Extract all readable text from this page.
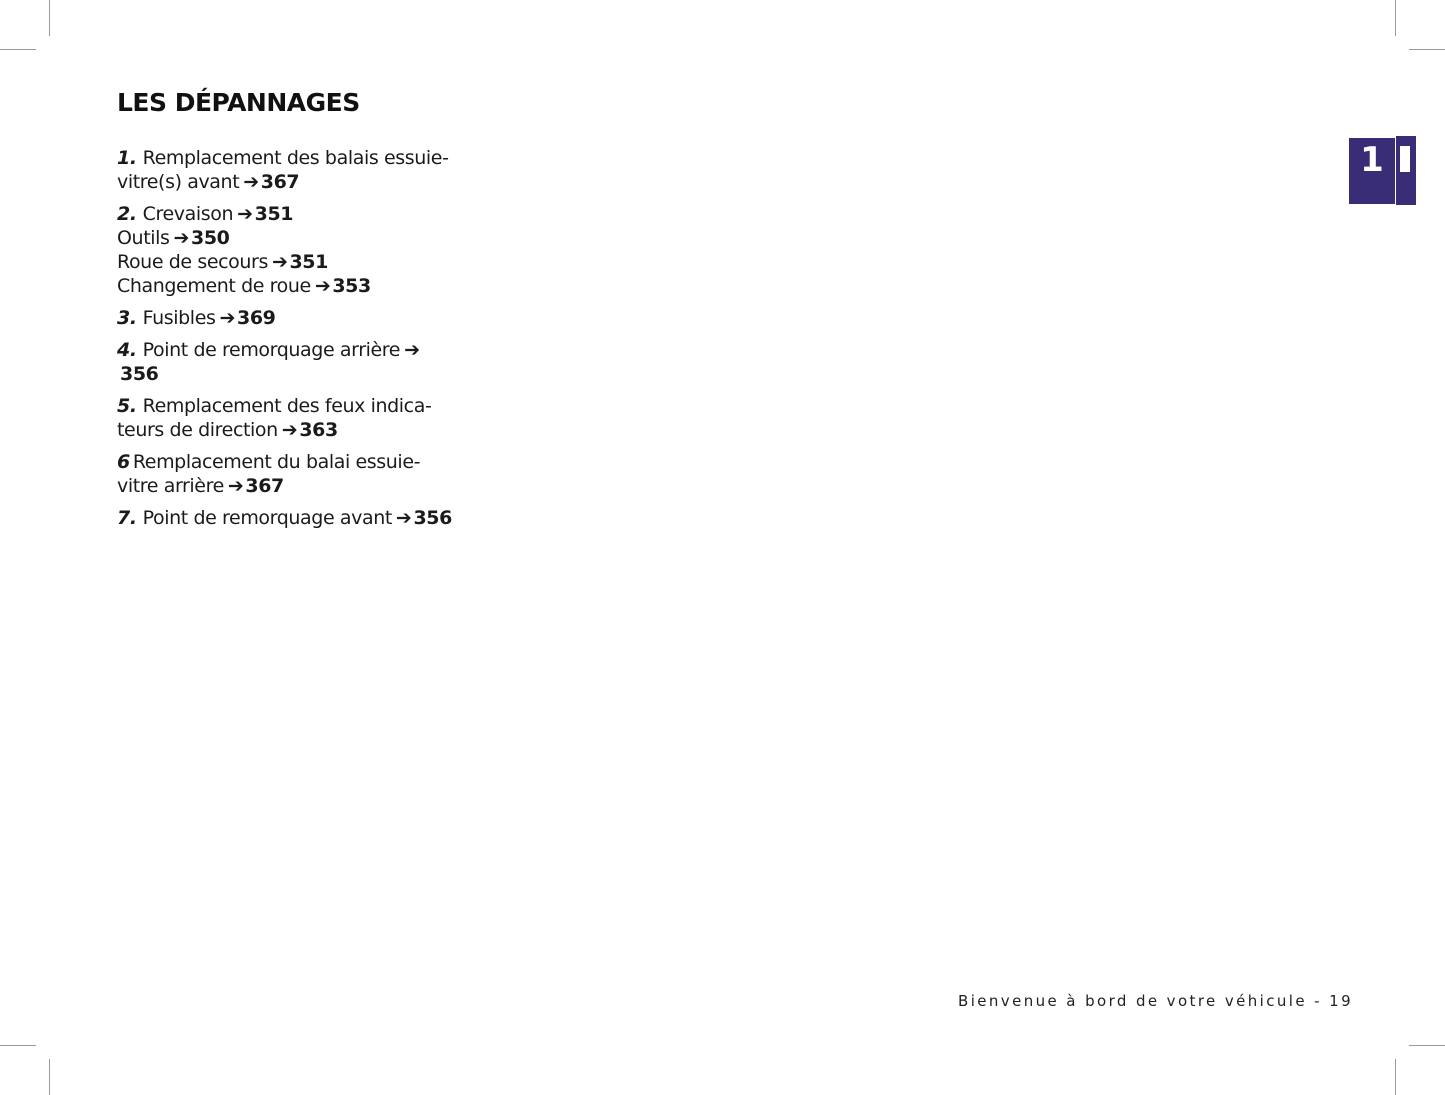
LES DÉPANNAGES
1. Remplacement des balais essuie-
vitre(s) avant ➔ 367
2. Crevaison ➔ 351
Outils ➔ 350
Roue de secours ➔ 351
Changement de roue ➔ 353
3. Fusibles ➔ 369
4. Point de remorquage arrière ➔
356
5. Remplacement des feux indica-
teurs de direction ➔ 363
6 Remplacement du balai essuie-
vitre arrière ➔ 367
7. Point de remorquage avant ➔ 356
1
Bienvenue à bord de votre véhicule - 19
